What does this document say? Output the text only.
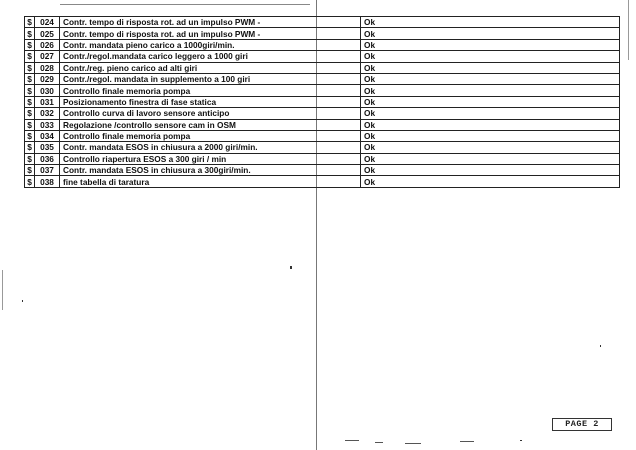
$	024	Contr. tempo di risposta rot. ad un impulso PWM -		Ok
$	025	Contr. tempo di risposta rot. ad un impulso PWM -		Ok
$	026	Contr. mandata pieno carico a 1000giri/min.		Ok
$	027	Contr./regol.mandata carico leggero a 1000 giri		Ok
$	028	Contr./reg. pieno carico ad alti giri		Ok
$	029	Contr./regol. mandata in supplemento a 100 giri		Ok
$	030	Controllo finale memoria pompa		Ok
$	031	Posizionamento finestra di fase statica		Ok
$	032	Controllo curva di lavoro sensore anticipo		Ok
$	033	Regolazione /controllo sensore cam in OSM		Ok
$	034	Controllo finale memoria pompa		Ok
$	035	Contr. mandata ESOS in chiusura a 2000 giri/min.		Ok
$	036	Controllo riapertura ESOS a 300 giri / min		Ok
$	037	Contr. mandata ESOS in chiusura a 300giri/min.		Ok
$	038	fine tabella di taratura		Ok
PAGE 2
